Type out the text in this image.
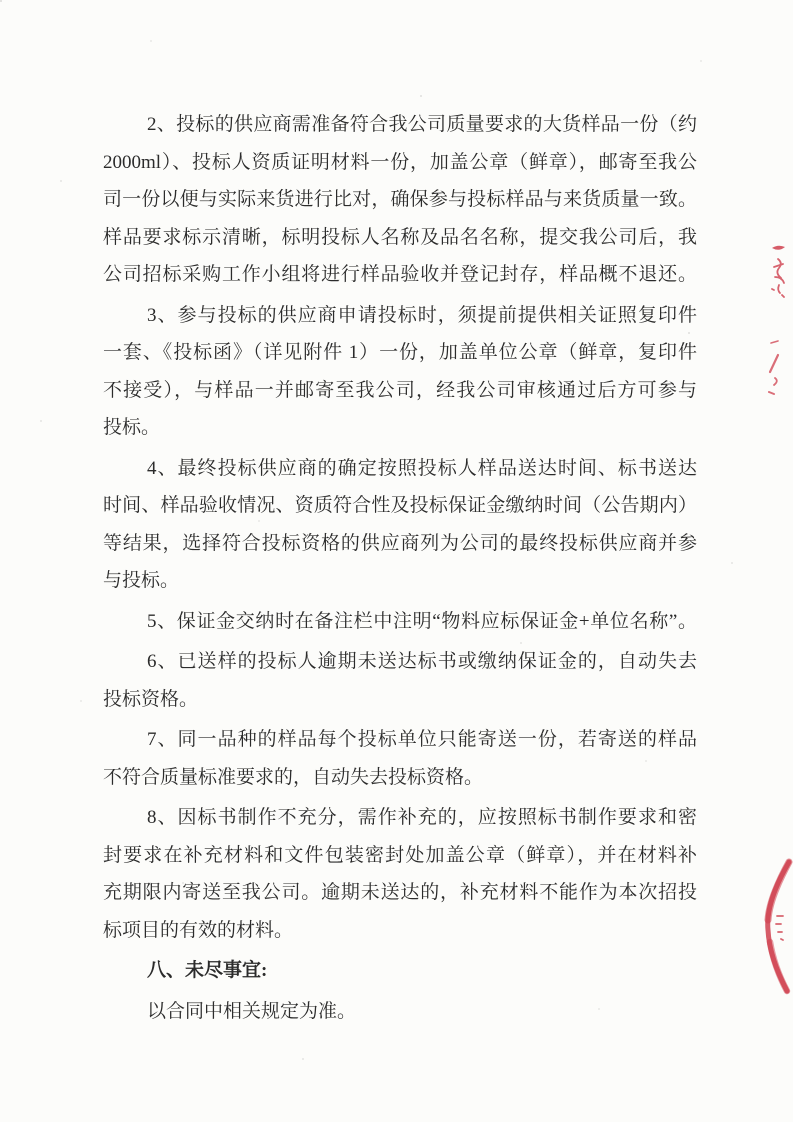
2、投标的供应商需准备符合我公司质量要求的大货样品一份（约
2000ml）、投标人资质证明材料一份，加盖公章（鲜章），邮寄至我公
司一份以便与实际来货进行比对，确保参与投标样品与来货质量一致。
样品要求标示清晰，标明投标人名称及品名名称，提交我公司后，我
公司招标采购工作小组将进行样品验收并登记封存，样品概不退还。
3、参与投标的供应商申请投标时，须提前提供相关证照复印件
一套、《投标函》（详见附件 1）一份，加盖单位公章（鲜章，复印件
不接受），与样品一并邮寄至我公司，经我公司审核通过后方可参与
投标。
4、最终投标供应商的确定按照投标人样品送达时间、标书送达
时间、样品验收情况、资质符合性及投标保证金缴纳时间（公告期内）
等结果，选择符合投标资格的供应商列为公司的最终投标供应商并参
与投标。
5、保证金交纳时在备注栏中注明“物料应标保证金+单位名称”。
6、已送样的投标人逾期未送达标书或缴纳保证金的，自动失去
投标资格。
7、同一品种的样品每个投标单位只能寄送一份，若寄送的样品
不符合质量标准要求的，自动失去投标资格。
8、因标书制作不充分，需作补充的，应按照标书制作要求和密
封要求在补充材料和文件包装密封处加盖公章（鲜章），并在材料补
充期限内寄送至我公司。逾期未送达的，补充材料不能作为本次招投
标项目的有效的材料。
八、未尽事宜:
以合同中相关规定为准。
